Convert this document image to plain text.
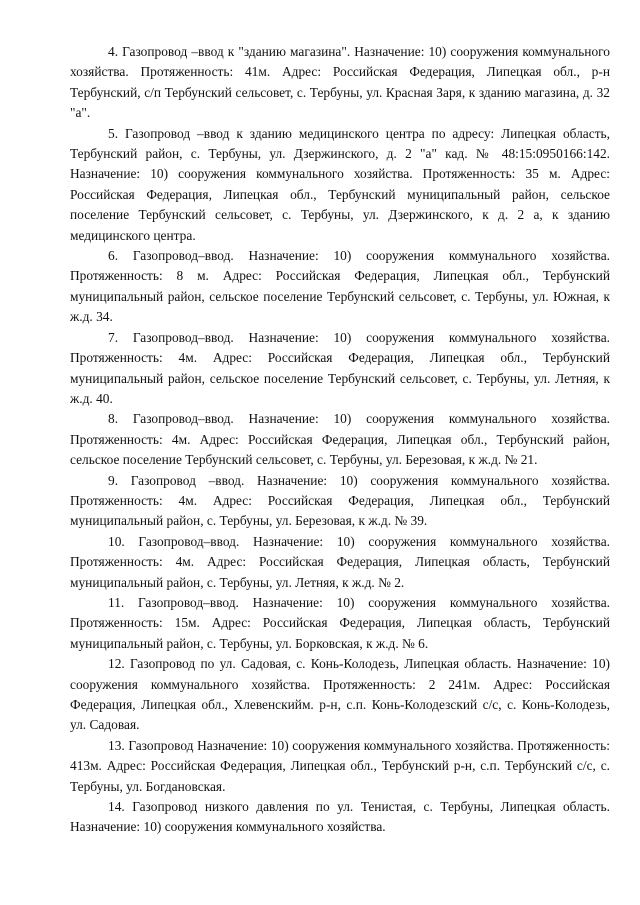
4. Газопровод –ввод к "зданию магазина". Назначение: 10) сооружения коммунального хозяйства. Протяженность: 41м. Адрес: Российская Федерация, Липецкая обл., р-н Тербунский, с/п Тербунский сельсовет, с. Тербуны, ул. Красная Заря, к зданию магазина, д. 32 "а".

5. Газопровод –ввод к зданию медицинского центра по адресу: Липецкая область, Тербунский район, с. Тербуны, ул. Дзержинского, д. 2 "а" кад. № 48:15:0950166:142. Назначение: 10) сооружения коммунального хозяйства. Протяженность: 35 м. Адрес: Российская Федерация, Липецкая обл., Тербунский муниципальный район, сельское поселение Тербунский сельсовет, с. Тербуны, ул. Дзержинского, к д. 2 а, к зданию медицинского центра.

6. Газопровод–ввод. Назначение: 10) сооружения коммунального хозяйства. Протяженность: 8 м. Адрес: Российская Федерация, Липецкая обл., Тербунский муниципальный район, сельское поселение Тербунский сельсовет, с. Тербуны, ул. Южная, к ж.д. 34.

7. Газопровод–ввод. Назначение: 10) сооружения коммунального хозяйства. Протяженность: 4м. Адрес: Российская Федерация, Липецкая обл., Тербунский муниципальный район, сельское поселение Тербунский сельсовет, с. Тербуны, ул. Летняя, к ж.д. 40.

8. Газопровод–ввод. Назначение: 10) сооружения коммунального хозяйства. Протяженность: 4м. Адрес: Российская Федерация, Липецкая обл., Тербунский район, сельское поселение Тербунский сельсовет, с. Тербуны, ул. Березовая, к ж.д. № 21.

9. Газопровод –ввод. Назначение: 10) сооружения коммунального хозяйства. Протяженность: 4м. Адрес: Российская Федерация, Липецкая обл., Тербунский муниципальный район, с. Тербуны, ул. Березовая, к ж.д. № 39.

10. Газопровод–ввод. Назначение: 10) сооружения коммунального хозяйства. Протяженность: 4м. Адрес: Российская Федерация, Липецкая область, Тербунский муниципальный район, с. Тербуны, ул. Летняя, к ж.д. № 2.

11. Газопровод–ввод. Назначение: 10) сооружения коммунального хозяйства. Протяженность: 15м. Адрес: Российская Федерация, Липецкая область, Тербунский муниципальный район, с. Тербуны, ул. Борковская, к ж.д. № 6.

12. Газопровод по ул. Садовая, с. Конь-Колодезь, Липецкая область. Назначение: 10) сооружения коммунального хозяйства. Протяженность: 2 241м. Адрес: Российская Федерация, Липецкая обл., Хлевенскийм. р-н, с.п. Конь-Колодезский с/с, с. Конь-Колодезь, ул. Садовая.

13. Газопровод Назначение: 10) сооружения коммунального хозяйства. Протяженность: 413м. Адрес: Российская Федерация, Липецкая обл., Тербунский р-н, с.п. Тербунский с/с, с. Тербуны, ул. Богдановская.

14. Газопровод низкого давления по ул. Тенистая, с. Тербуны, Липецкая область. Назначение: 10) сооружения коммунального хозяйства.
